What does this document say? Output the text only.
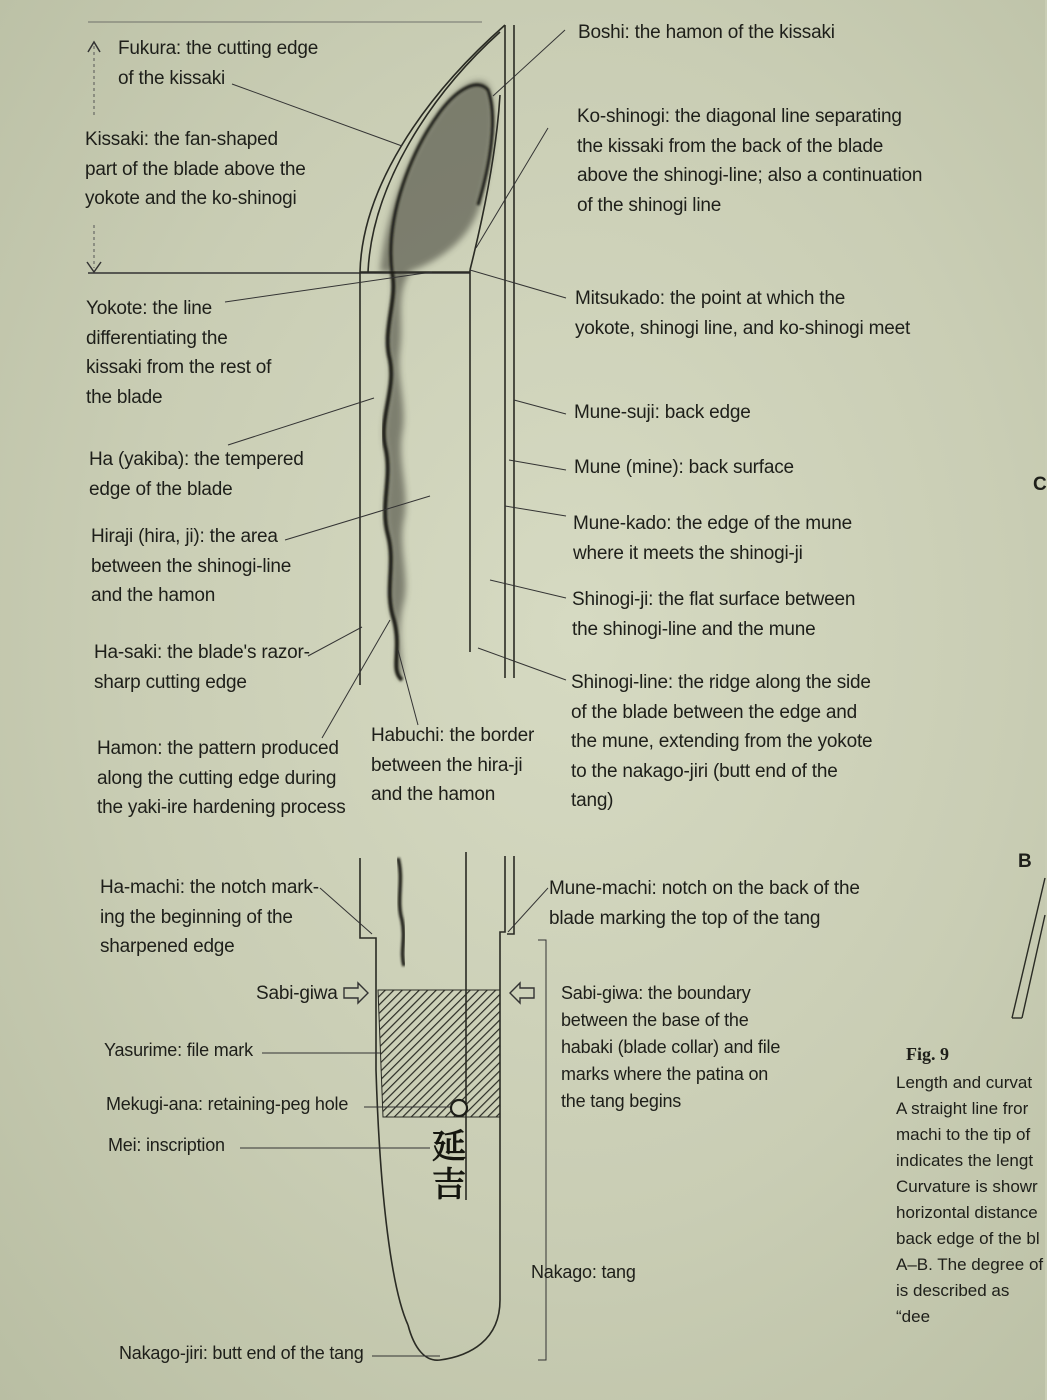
Fukura: the cutting edge
of the kissaki
Kissaki: the fan-shaped
part of the blade above the
yokote and the ko-shinogi
Yokote: the line
differentiating the
kissaki from the rest of
the blade
Ha (yakiba): the tempered
edge of the blade
Hiraji (hira, ji): the area
between the shinogi-line
and the hamon
Ha-saki: the blade's razor-
sharp cutting edge
Hamon: the pattern produced
along the cutting edge during
the yaki-ire hardening process
Habuchi: the border
between the hira-ji
and the hamon
Boshi: the hamon of the kissaki
Ko-shinogi: the diagonal line separating
the kissaki from the back of the blade
above the shinogi-line; also a continuation
of the shinogi line
Mitsukado: the point at which the
yokote, shinogi line, and ko-shinogi meet
Mune-suji: back edge
Mune (mine): back surface
Mune-kado: the edge of the mune
where it meets the shinogi-ji
Shinogi-ji: the flat surface between
the shinogi-line and the mune
Shinogi-line: the ridge along the side
of the blade between the edge and
the mune, extending from the yokote
to the nakago-jiri (butt end of the
tang)
Ha-machi: the notch mark-
ing the beginning of the
sharpened edge
Mune-machi: notch on the back of the
blade marking the top of the tang
Sabi-giwa	Sabi-giwa: the boundary
between the base of the
habaki (blade collar) and file
marks where the patina on
the tang begins
Yasurime: file mark
Mekugi-ana: retaining-peg hole
Mei: inscription
Nakago: tang
Nakago-jiri: butt end of the tang
延吉
B
C
Fig. 9
Length and curvat
A straight line fror
machi to the tip of
indicates the lengt
Curvature is showr
horizontal distance
back edge of the bl
A–B. The degree of
is described as “dee
